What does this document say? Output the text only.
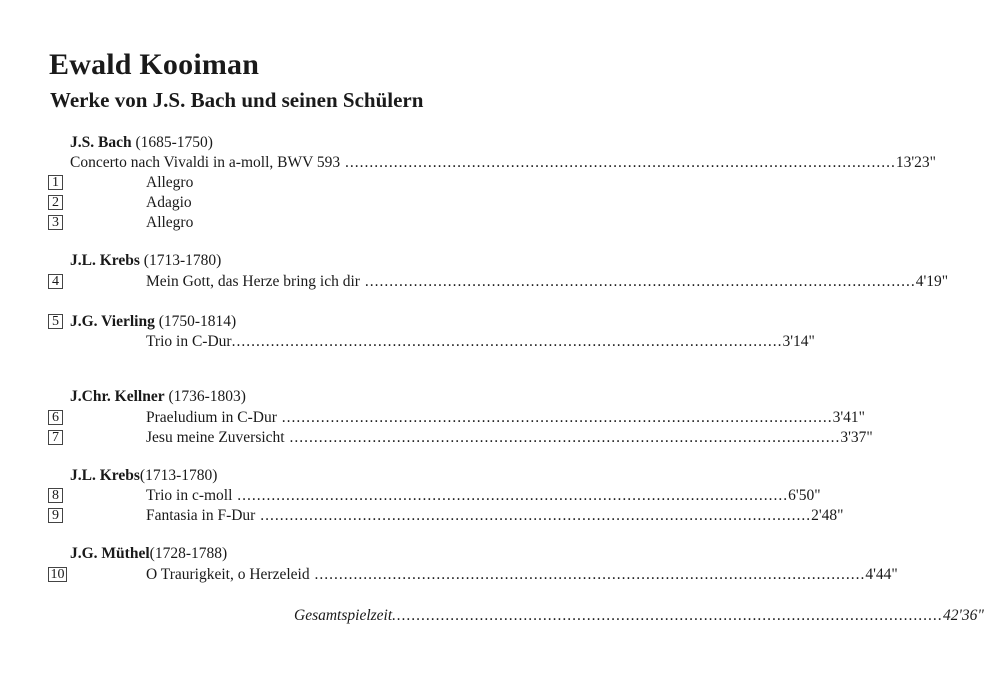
Ewald Kooiman
Werke von J.S. Bach und seinen Schülern
J.S. Bach (1685-1750)
Concerto nach Vivaldi in a-moll, BWV 593 ................................................................................................................. 13'23"
1	Allegro
2	Adagio
3	Allegro
J.L. Krebs (1713-1780)
4	Mein Gott, das Herze bring ich dir ................................................................................................................. 4'19"
5 J.G. Vierling (1750-1814)
Trio in C-Dur ................................................................................................................. 3'14"
J.Chr. Kellner (1736-1803)
6	Praeludium in C-Dur ................................................................................................................. 3'41"
7	Jesu meine Zuversicht ................................................................................................................. 3'37"
J.L. Krebs(1713-1780)
8	Trio in c-moll ................................................................................................................. 6'50"
9	Fantasia in F-Dur ................................................................................................................. 2'48"
J.G. Müthel(1728-1788)
10	O Traurigkeit, o Herzeleid ................................................................................................................. 4'44"
Gesamtspielzeit ................................................................................................................. 42'36"
